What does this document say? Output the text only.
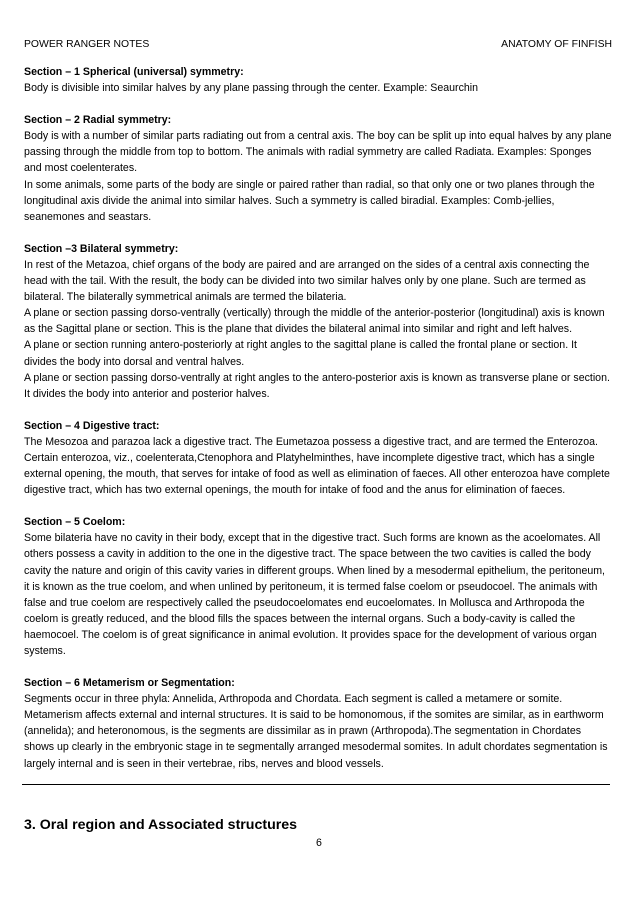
POWER RANGER NOTES	ANATOMY OF FINFISH
Section – 1 Spherical (universal) symmetry:

Body is divisible into similar halves by any plane passing through the center. Example: Seaurchin

Section – 2 Radial symmetry:

Body is with a number of similar parts radiating out from a central axis. The boy can be split up into equal halves by any plane passing through the middle from top to bottom. The animals with radial symmetry are called Radiata. Examples: Sponges and most coelenterates.

In some animals, some parts of the body are single or paired rather than radial, so that only one or two planes through the longitudinal axis divide the animal into similar halves. Such a symmetry is called biradial. Examples: Comb-jellies, seanemones and seastars.

Section –3 Bilateral symmetry:

In rest of the Metazoa, chief organs of the body are paired and are arranged on the sides of a central axis connecting the head with the tail. With the result, the body can be divided into two similar halves only by one plane. Such are termed as bilateral. The bilaterally symmetrical animals are termed the bilateria.

A plane or section passing dorso-ventrally (vertically) through the middle of the anterior-posterior (longitudinal) axis is known as the Sagittal plane or section. This is the plane that divides the bilateral animal into similar and right and left halves.

A plane or section running antero-posteriorly at right angles to the sagittal plane is called the frontal plane or section. It divides the body into dorsal and ventral halves.

A plane or section passing dorso-ventrally at right angles to the antero-posterior axis is known as transverse plane or section. It divides the body into anterior and posterior halves.

Section – 4 Digestive tract:

The Mesozoa and parazoa lack a digestive tract. The Eumetazoa possess a digestive tract, and are termed the Enterozoa. Certain enterozoa, viz., coelenterata,Ctenophora and Platyhelminthes, have incomplete digestive tract, which has a single external opening, the mouth, that serves for intake of food as well as elimination of faeces. All other enterozoa have complete digestive tract, which has two external openings, the mouth for intake of food and the anus for elimination of faeces.

Section – 5 Coelom:

Some bilateria have no cavity in their body, except that in the digestive tract. Such forms are known as the acoelomates. All others possess a cavity in addition to the one in the digestive tract. The space between the two cavities is called the body cavity the nature and origin of this cavity varies in different groups. When lined by a mesodermal epithelium, the peritoneum, it is known as the true coelom, and when unlined by peritoneum, it is termed false coelom or pseudocoel. The animals with false and true coelom are respectively called the pseudocoelomates end eucoelomates. In Mollusca and Arthropoda the coelom is greatly reduced, and the blood fills the spaces between the internal organs. Such a body-cavity is called the haemocoel. The coelom is of great significance in animal evolution. It provides space for the development of various organ systems.

Section – 6 Metamerism or Segmentation:

Segments occur in three phyla: Annelida, Arthropoda and Chordata. Each segment is called a metamere or somite. Metamerism affects external and internal structures. It is said to be homonomous, if the somites are similar, as in earthworm (annelida); and heteronomous, is the segments are dissimilar as in prawn (Arthropoda).The segmentation in Chordates shows up clearly in the embryonic stage in te segmentally arranged mesodermal somites. In adult chordates segmentation is largely internal and is seen in their vertebrae, ribs, nerves and blood vessels.

3. Oral region and Associated structures
6
